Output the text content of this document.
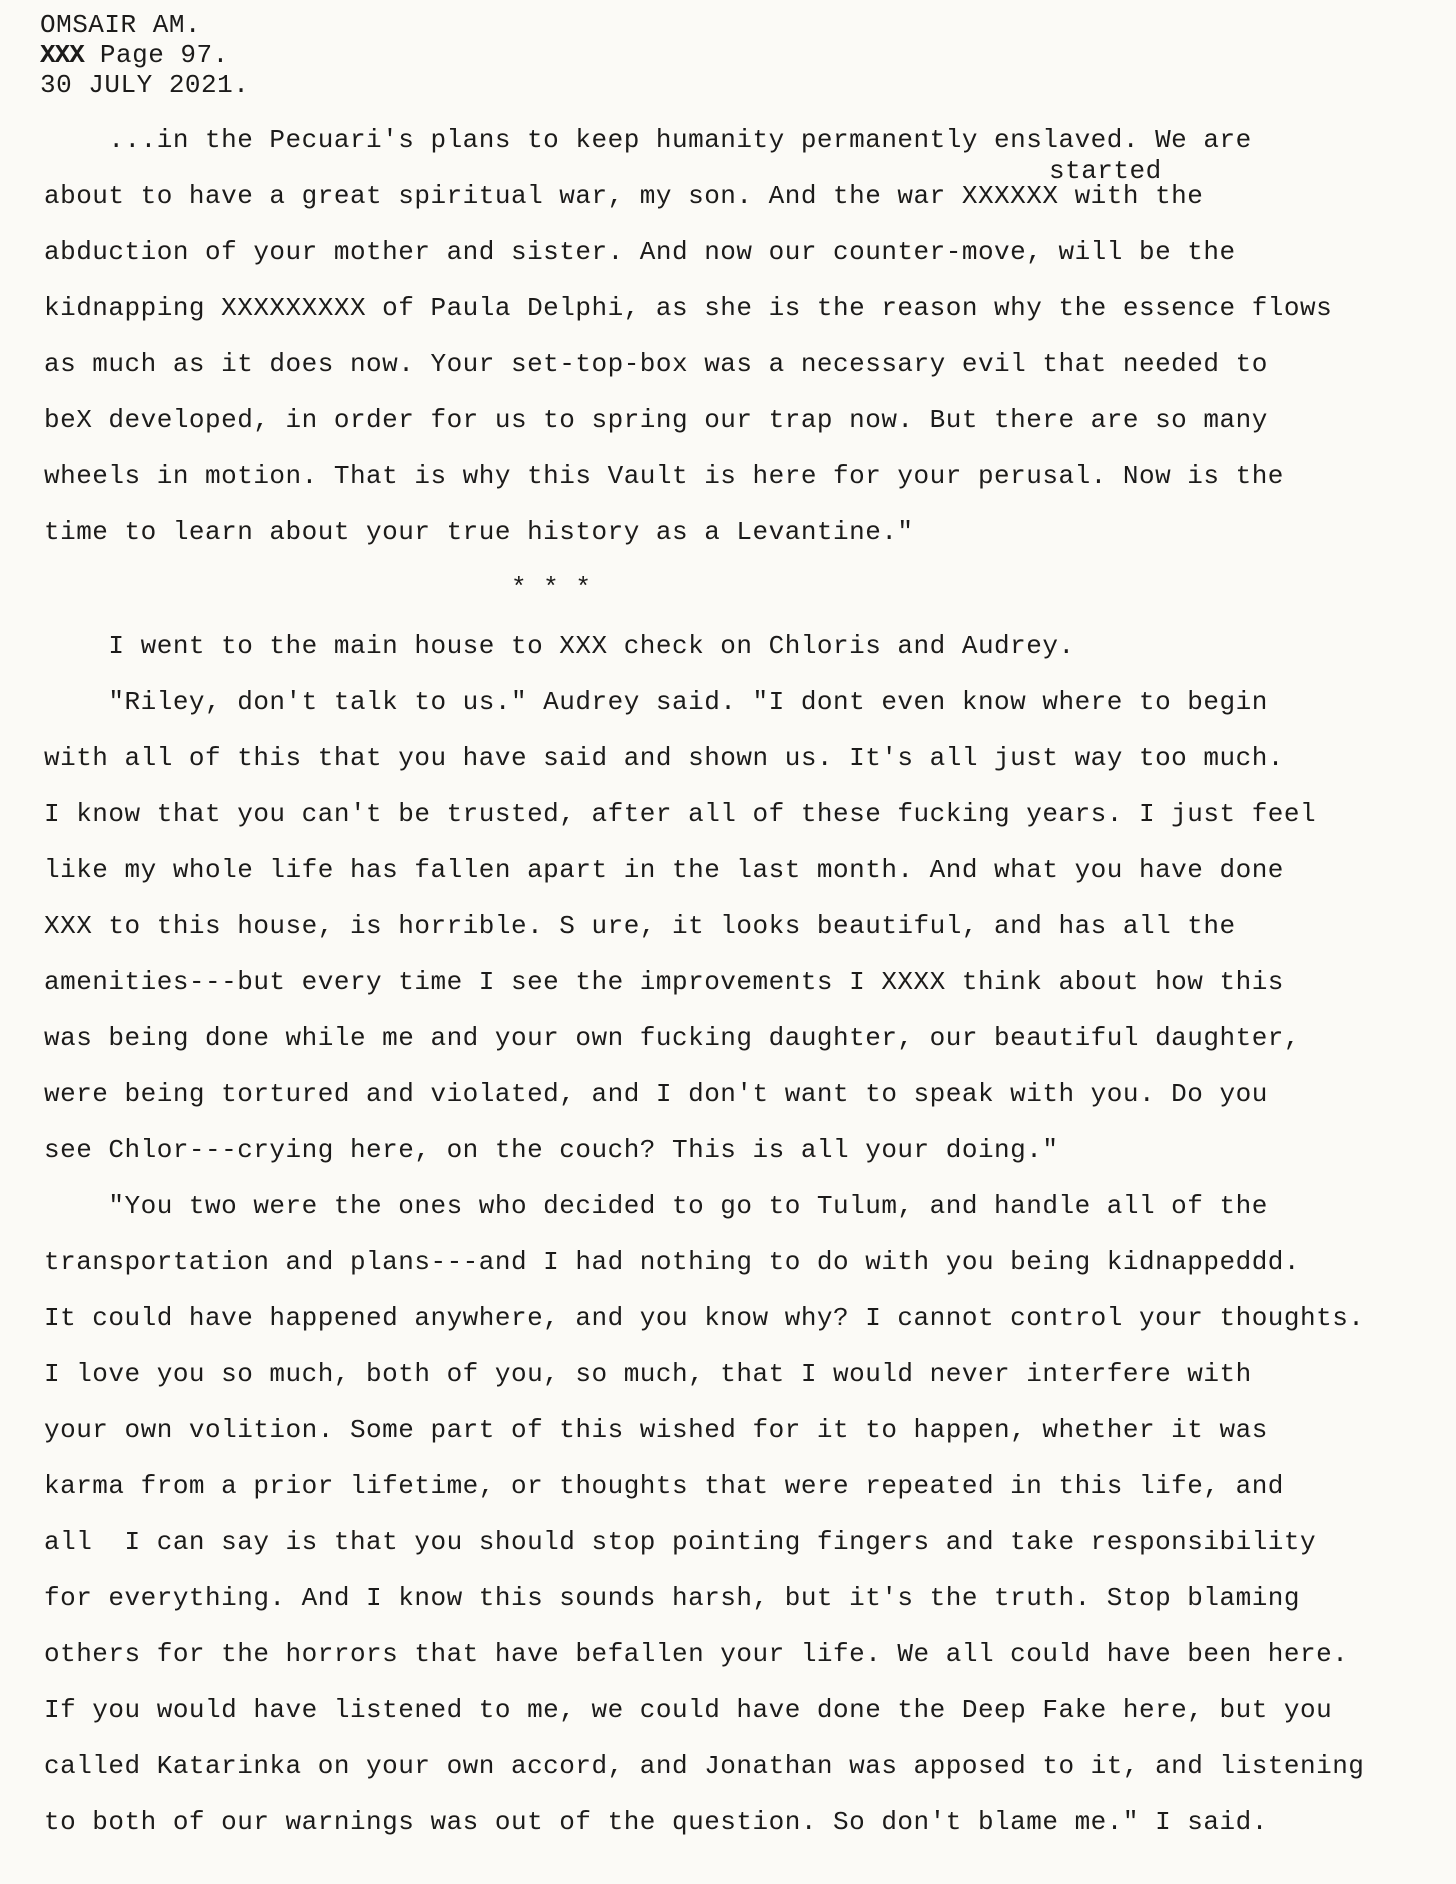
OMSAIR AM.
XXX Page 97.
30 JULY 2021.
started
...in the Pecuari's plans to keep humanity permanently enslaved. We are
about to have a great spiritual war, my son. And the war XXXXXX with the
abduction of your mother and sister. And now our counter-move, will be the
kidnapping XXXXXXXXX of Paula Delphi, as she is the reason why the essence flows
as much as it does now. Your set-top-box was a necessary evil that needed to
beX developed, in order for us to spring our trap now. But there are so many
wheels in motion. That is why this Vault is here for your perusal. Now is the
time to learn about your true history as a Levantine."
* * *
I went to the main house to XXX check on Chloris and Audrey.
"Riley, don't talk to us." Audrey said. "I dont even know where to begin
with all of this that you have said and shown us. It's all just way too much.
I know that you can't be trusted, after all of these fucking years. I just feel
like my whole life has fallen apart in the last month. And what you have done
XXX to this house, is horrible. S ure, it looks beautiful, and has all the
amenities---but every time I see the improvements I XXXX think about how this
was being done while me and your own fucking daughter, our beautiful daughter,
were being tortured and violated, and I don't want to speak with you. Do you
see Chlor---crying here, on the couch? This is all your doing."
"You two were the ones who decided to go to Tulum, and handle all of the
transportation and plans---and I had nothing to do with you being kidnappeddd.
It could have happened anywhere, and you know why? I cannot control your thoughts.
I love you so much, both of you, so much, that I would never interfere with
your own volition. Some part of this wished for it to happen, whether it was
karma from a prior lifetime, or thoughts that were repeated in this life, and
all  I can say is that you should stop pointing fingers and take responsibility
for everything. And I know this sounds harsh, but it's the truth. Stop blaming
others for the horrors that have befallen your life. We all could have been here.
If you would have listened to me, we could have done the Deep Fake here, but you
called Katarinka on your own accord, and Jonathan was apposed to it, and listening
to both of our warnings was out of the question. So don't blame me." I said.
